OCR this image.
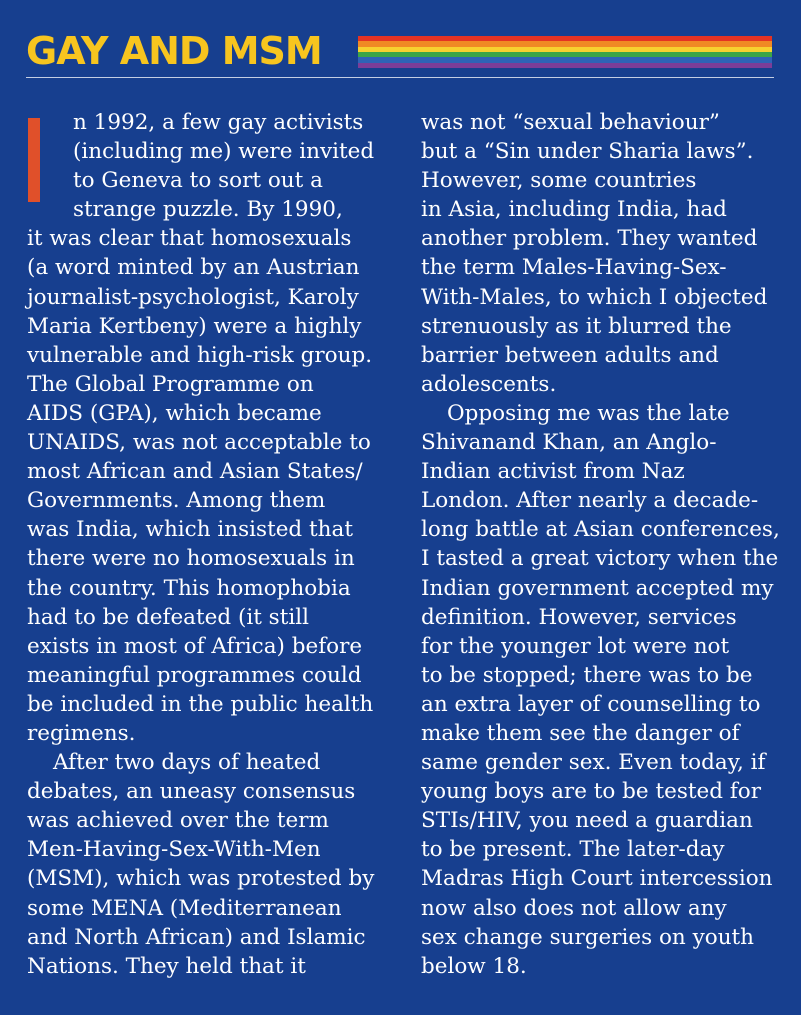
GAY AND MSM

n 1992, a few gay activists
(including me) were invited
to Geneva to sort out a
strange puzzle. By 1990,
it was clear that homosexuals
(a word minted by an Austrian
journalist-psychologist, Karoly
Maria Kertbeny) were a highly
vulnerable and high-risk group.
The Global Programme on
AIDS (GPA), which became
UNAIDS, was not acceptable to
most African and Asian States/
Governments. Among them
was India, which insisted that
there were no homosexuals in
the country. This homophobia
had to be defeated (it still
exists in most of Africa) before
meaningful programmes could
be included in the public health
regimens.

After two days of heated
debates, an uneasy consensus
was achieved over the term
Men-Having-Sex-With-Men
(MSM), which was protested by
some MENA (Mediterranean
and North African) and Islamic
Nations. They held that it

was not “sexual behaviour”
but a “Sin under Sharia laws”.
However, some countries
in Asia, including India, had
another problem. They wanted
the term Males-Having-Sex-
With-Males, to which I objected
strenuously as it blurred the
barrier between adults and
adolescents.

Opposing me was the late
Shivanand Khan, an Anglo-
Indian activist from Naz
London. After nearly a decade-
long battle at Asian conferences,
I tasted a great victory when the
Indian government accepted my
definition. However, services
for the younger lot were not
to be stopped; there was to be
an extra layer of counselling to
make them see the danger of
same gender sex. Even today, if
young boys are to be tested for
STIs/HIV, you need a guardian
to be present. The later-day
Madras High Court intercession
now also does not allow any
sex change surgeries on youth
below 18.
